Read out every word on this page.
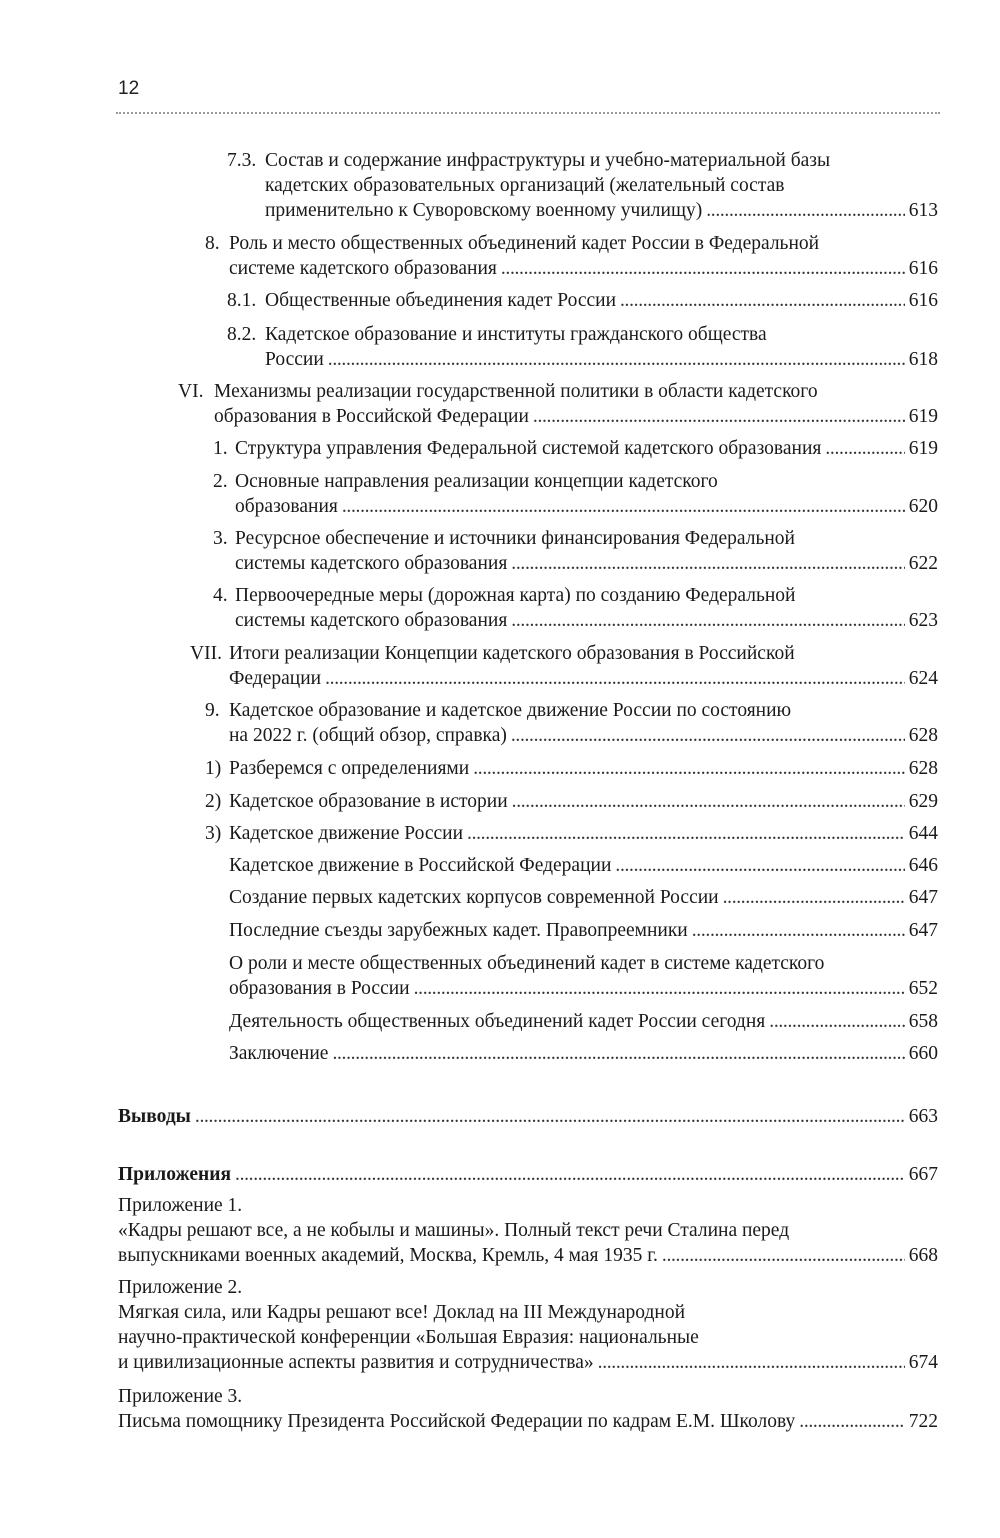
12
7.3. Состав и содержание инфраструктуры и учебно-материальной базы
кадетских образовательных организаций (желательный состав
применительно к Суворовскому военному училищу) . . .	613
8. Роль и место общественных объединений кадет России в Федеральной
системе кадетского образования . . .	616
8.1. Общественные объединения кадет России . . .	616
8.2. Кадетское образование и институты гражданского общества
России . . .	618
VI. Механизмы реализации государственной политики в области кадетского
образования в Российской Федерации . . .	619
1. Структура управления Федеральной системой кадетского образования . . .	619
2. Основные направления реализации концепции кадетского
образования . . .	620
3. Ресурсное обеспечение и источники финансирования Федеральной
системы кадетского образования . . .	622
4. Первоочередные меры (дорожная карта) по созданию Федеральной
системы кадетского образования . . .	623
VII. Итоги реализации Концепции кадетского образования в Российской
Федерации . . .	624
9. Кадетское образование и кадетское движение России по состоянию
на 2022 г. (общий обзор, справка) . . .	628
1) Разберемся с определениями . . .	628
2) Кадетское образование в истории . . .	629
3) Кадетское движение России . . .	644
Кадетское движение в Российской Федерации . . .	646
Создание первых кадетских корпусов современной России . . .	647
Последние съезды зарубежных кадет. Правопреемники . . .	647
О роли и месте общественных объединений кадет в системе кадетского
образования в России . . .	652
Деятельность общественных объединений кадет России сегодня . . .	658
Заключение . . .	660
Выводы . . .	663
Приложения . . .	667
Приложение 1.
«Кадры решают все, а не кобылы и машины». Полный текст речи Сталина перед
выпускниками военных академий, Москва, Кремль, 4 мая 1935 г. . . .	668
Приложение 2.
Мягкая сила, или Кадры решают все! Доклад на III Международной
научно-практической конференции «Большая Евразия: национальные
и цивилизационные аспекты развития и сотрудничества» . . .	674
Приложение 3.
Письма помощнику Президента Российской Федерации по кадрам Е.М. Школову . . .	722
